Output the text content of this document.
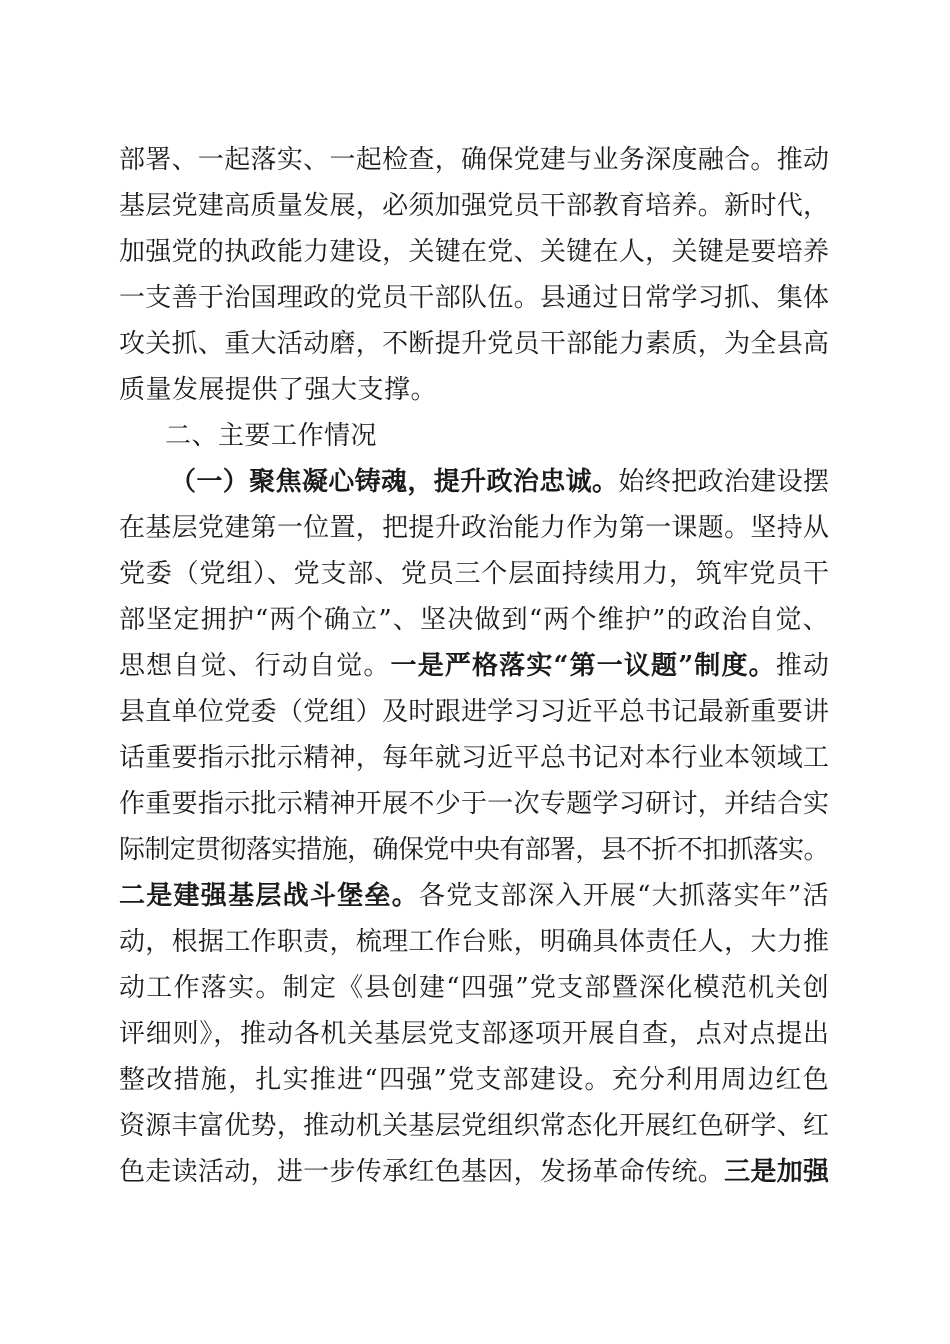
部署、一起落实、一起检查，确保党建与业务深度融合。推动
基层党建高质量发展，必须加强党员干部教育培养。新时代，
加强党的执政能力建设，关键在党、关键在人，关键是要培养
一支善于治国理政的党员干部队伍。县通过日常学习抓、集体
攻关抓、重大活动磨，不断提升党员干部能力素质，为全县高
质量发展提供了强大支撑。
二、主要工作情况
（一）聚焦凝心铸魂，提升政治忠诚。始终把政治建设摆
在基层党建第一位置，把提升政治能力作为第一课题。坚持从
党委（党组）、党支部、党员三个层面持续用力，筑牢党员干
部坚定拥护“两个确立”、坚决做到“两个维护”的政治自觉、
思想自觉、行动自觉。一是严格落实“第一议题”制度。推动
县直单位党委（党组）及时跟进学习习近平总书记最新重要讲
话重要指示批示精神，每年就习近平总书记对本行业本领域工
作重要指示批示精神开展不少于一次专题学习研讨，并结合实
际制定贯彻落实措施，确保党中央有部署，县不折不扣抓落实。
二是建强基层战斗堡垒。各党支部深入开展“大抓落实年”活
动，根据工作职责，梳理工作台账，明确具体责任人，大力推
动工作落实。制定《县创建“四强”党支部暨深化模范机关创
评细则》，推动各机关基层党支部逐项开展自查，点对点提出
整改措施，扎实推进“四强”党支部建设。充分利用周边红色
资源丰富优势，推动机关基层党组织常态化开展红色研学、红
色走读活动，进一步传承红色基因，发扬革命传统。三是加强
